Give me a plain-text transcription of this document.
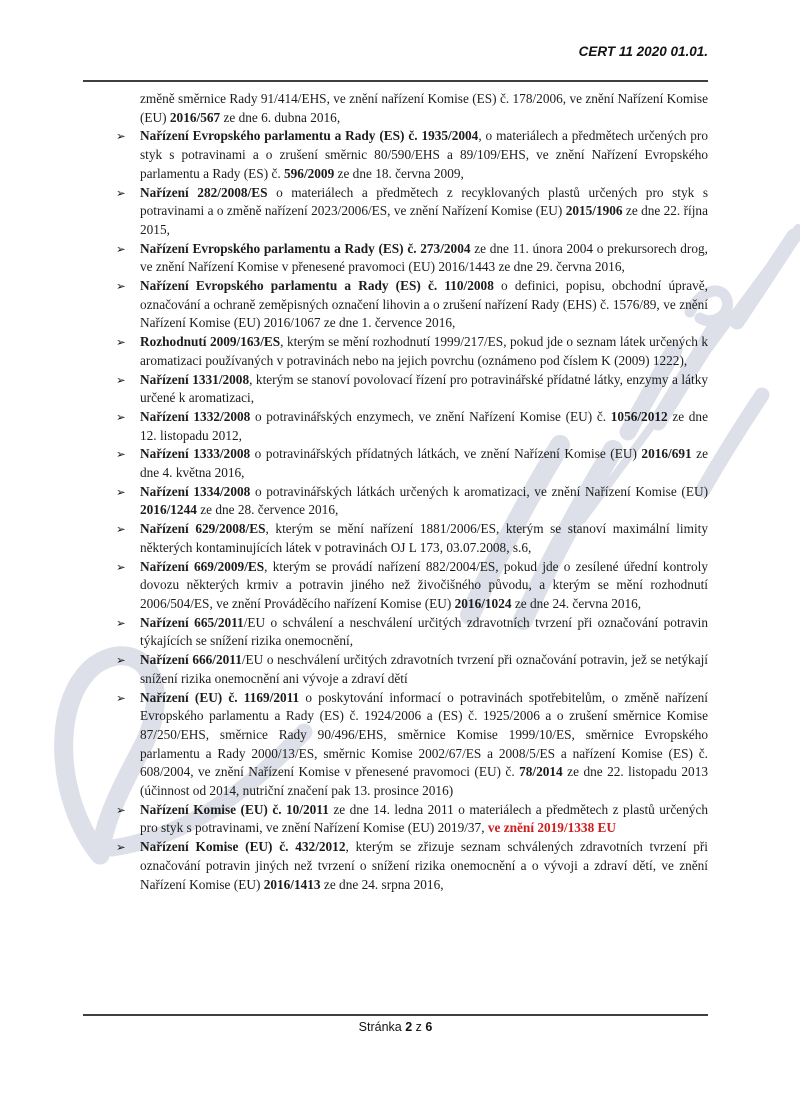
CERT 11 2020 01.01.
změně směrnice Rady 91/414/EHS, ve znění nařízení Komise (ES) č. 178/2006, ve znění Nařízení Komise (EU) 2016/567 ze dne 6. dubna 2016,
➢ Nařízení Evropského parlamentu a Rady (ES) č. 1935/2004, o materiálech a předmětech určených pro styk s potravinami a o zrušení směrnic 80/590/EHS a 89/109/EHS, ve znění Nařízení Evropského parlamentu a Rady (ES) č. 596/2009 ze dne 18. června 2009,
➢ Nařízení 282/2008/ES o materiálech a předmětech z recyklovaných plastů určených pro styk s potravinami a o změně nařízení 2023/2006/ES, ve znění Nařízení Komise (EU) 2015/1906 ze dne 22. října 2015,
➢ Nařízení Evropského parlamentu a Rady (ES) č. 273/2004 ze dne 11. února 2004 o prekursorech drog, ve znění Nařízení Komise v přenesené pravomoci (EU) 2016/1443 ze dne 29. června 2016,
➢ Nařízení Evropského parlamentu a Rady (ES) č. 110/2008 o definici, popisu, obchodní úpravě, označování a ochraně zeměpisných označení lihovin a o zrušení nařízení Rady (EHS) č. 1576/89, ve znění Nařízení Komise (EU) 2016/1067 ze dne 1. července 2016,
➢ Rozhodnutí 2009/163/ES, kterým se mění rozhodnutí 1999/217/ES, pokud jde o seznam látek určených k aromatizaci používaných v potravinách nebo na jejich povrchu (oznámeno pod číslem K (2009) 1222),
➢ Nařízení 1331/2008, kterým se stanoví povolovací řízení pro potravinářské přídatné látky, enzymy a látky určené k aromatizaci,
➢ Nařízení 1332/2008 o potravinářských enzymech, ve znění Nařízení Komise (EU) č. 1056/2012 ze dne 12. listopadu 2012,
➢ Nařízení 1333/2008 o potravinářských přídatných látkách, ve znění Nařízení Komise (EU) 2016/691 ze dne 4. května 2016,
➢ Nařízení 1334/2008 o potravinářských látkách určených k aromatizaci, ve znění Nařízení Komise (EU) 2016/1244 ze dne 28. července 2016,
➢ Nařízení 629/2008/ES, kterým se mění nařízení 1881/2006/ES, kterým se stanoví maximální limity některých kontaminujících látek v potravinách OJ L 173, 03.07.2008, s.6,
➢ Nařízení 669/2009/ES, kterým se provádí nařízení 882/2004/ES, pokud jde o zesílené úřední kontroly dovozu některých krmiv a potravin jiného než živočišného původu, a kterým se mění rozhodnutí 2006/504/ES, ve znění Prováděcího nařízení Komise (EU) 2016/1024 ze dne 24. června 2016,
➢ Nařízení 665/2011/EU o schválení a neschválení určitých zdravotních tvrzení při označování potravin týkajících se snížení rizika onemocnění,
➢ Nařízení 666/2011/EU o neschválení určitých zdravotních tvrzení při označování potravin, jež se netýkají snížení rizika onemocnění ani vývoje a zdraví dětí
➢ Nařízení (EU) č. 1169/2011 o poskytování informací o potravinách spotřebitelům, o změně nařízení Evropského parlamentu a Rady (ES) č. 1924/2006 a (ES) č. 1925/2006 a o zrušení směrnice Komise 87/250/EHS, směrnice Rady 90/496/EHS, směrnice Komise 1999/10/ES, směrnice Evropského parlamentu a Rady 2000/13/ES, směrnic Komise 2002/67/ES a 2008/5/ES a nařízení Komise (ES) č. 608/2004, ve znění Nařízení Komise v přenesené pravomoci (EU) č. 78/2014 ze dne 22. listopadu 2013 (účinnost od 2014, nutriční značení pak 13. prosince 2016)
➢ Nařízení Komise (EU) č. 10/2011 ze dne 14. ledna 2011 o materiálech a předmětech z plastů určených pro styk s potravinami, ve znění Nařízení Komise (EU) 2019/37, ve znění 2019/1338 EU
➢ Nařízení Komise (EU) č. 432/2012, kterým se zřizuje seznam schválených zdravotních tvrzení při označování potravin jiných než tvrzení o snížení rizika onemocnění a o vývoji a zdraví dětí, ve znění Nařízení Komise (EU) 2016/1413 ze dne 24. srpna 2016,
Stránka 2 z 6
